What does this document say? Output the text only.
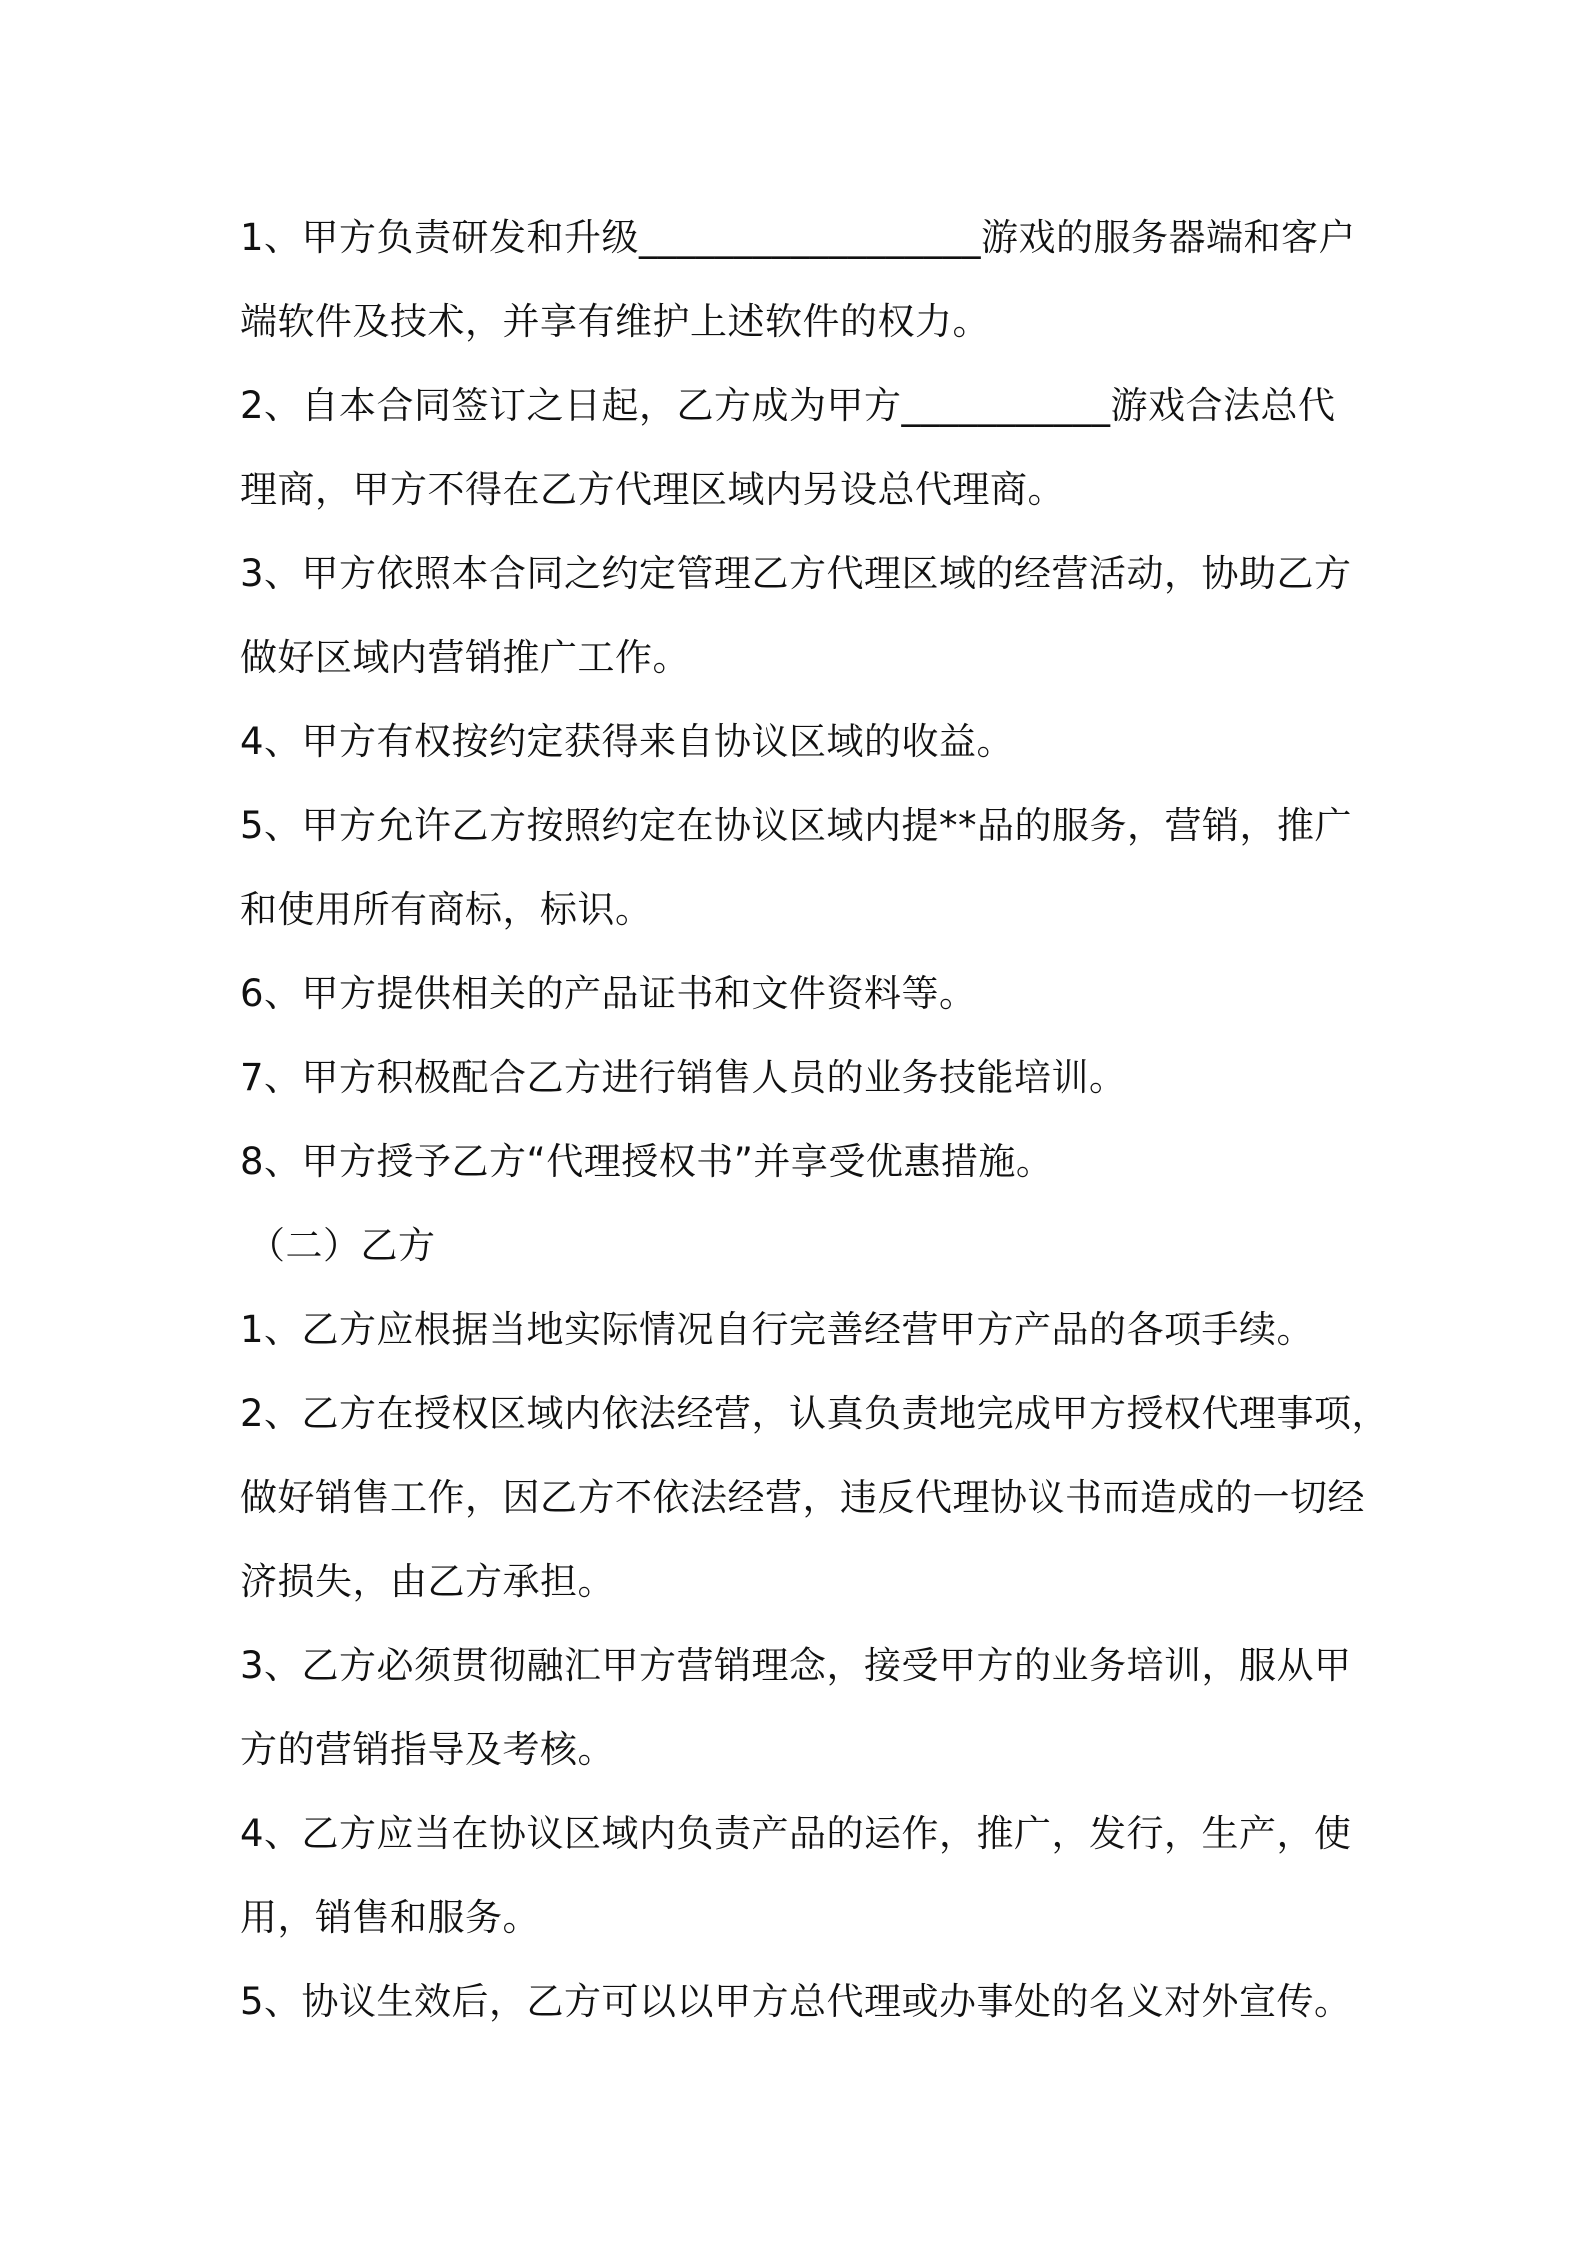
1、甲方负责研发和升级__________________游戏的服务器端和客户
端软件及技术，并享有维护上述软件的权力。
2、自本合同签订之日起，乙方成为甲方___________游戏合法总代
理商，甲方不得在乙方代理区域内另设总代理商。
3、甲方依照本合同之约定管理乙方代理区域的经营活动，协助乙方
做好区域内营销推广工作。
4、甲方有权按约定获得来自协议区域的收益。
5、甲方允许乙方按照约定在协议区域内提**品的服务，营销，推广
和使用所有商标，标识。
6、甲方提供相关的产品证书和文件资料等。
7、甲方积极配合乙方进行销售人员的业务技能培训。
8、甲方授予乙方“代理授权书”并享受优惠措施。
（二）乙方
1、乙方应根据当地实际情况自行完善经营甲方产品的各项手续。
2、乙方在授权区域内依法经营，认真负责地完成甲方授权代理事项，
做好销售工作，因乙方不依法经营，违反代理协议书而造成的一切经
济损失，由乙方承担。
3、乙方必须贯彻融汇甲方营销理念，接受甲方的业务培训，服从甲
方的营销指导及考核。
4、乙方应当在协议区域内负责产品的运作，推广，发行，生产，使
用，销售和服务。
5、协议生效后，乙方可以以甲方总代理或办事处的名义对外宣传。
